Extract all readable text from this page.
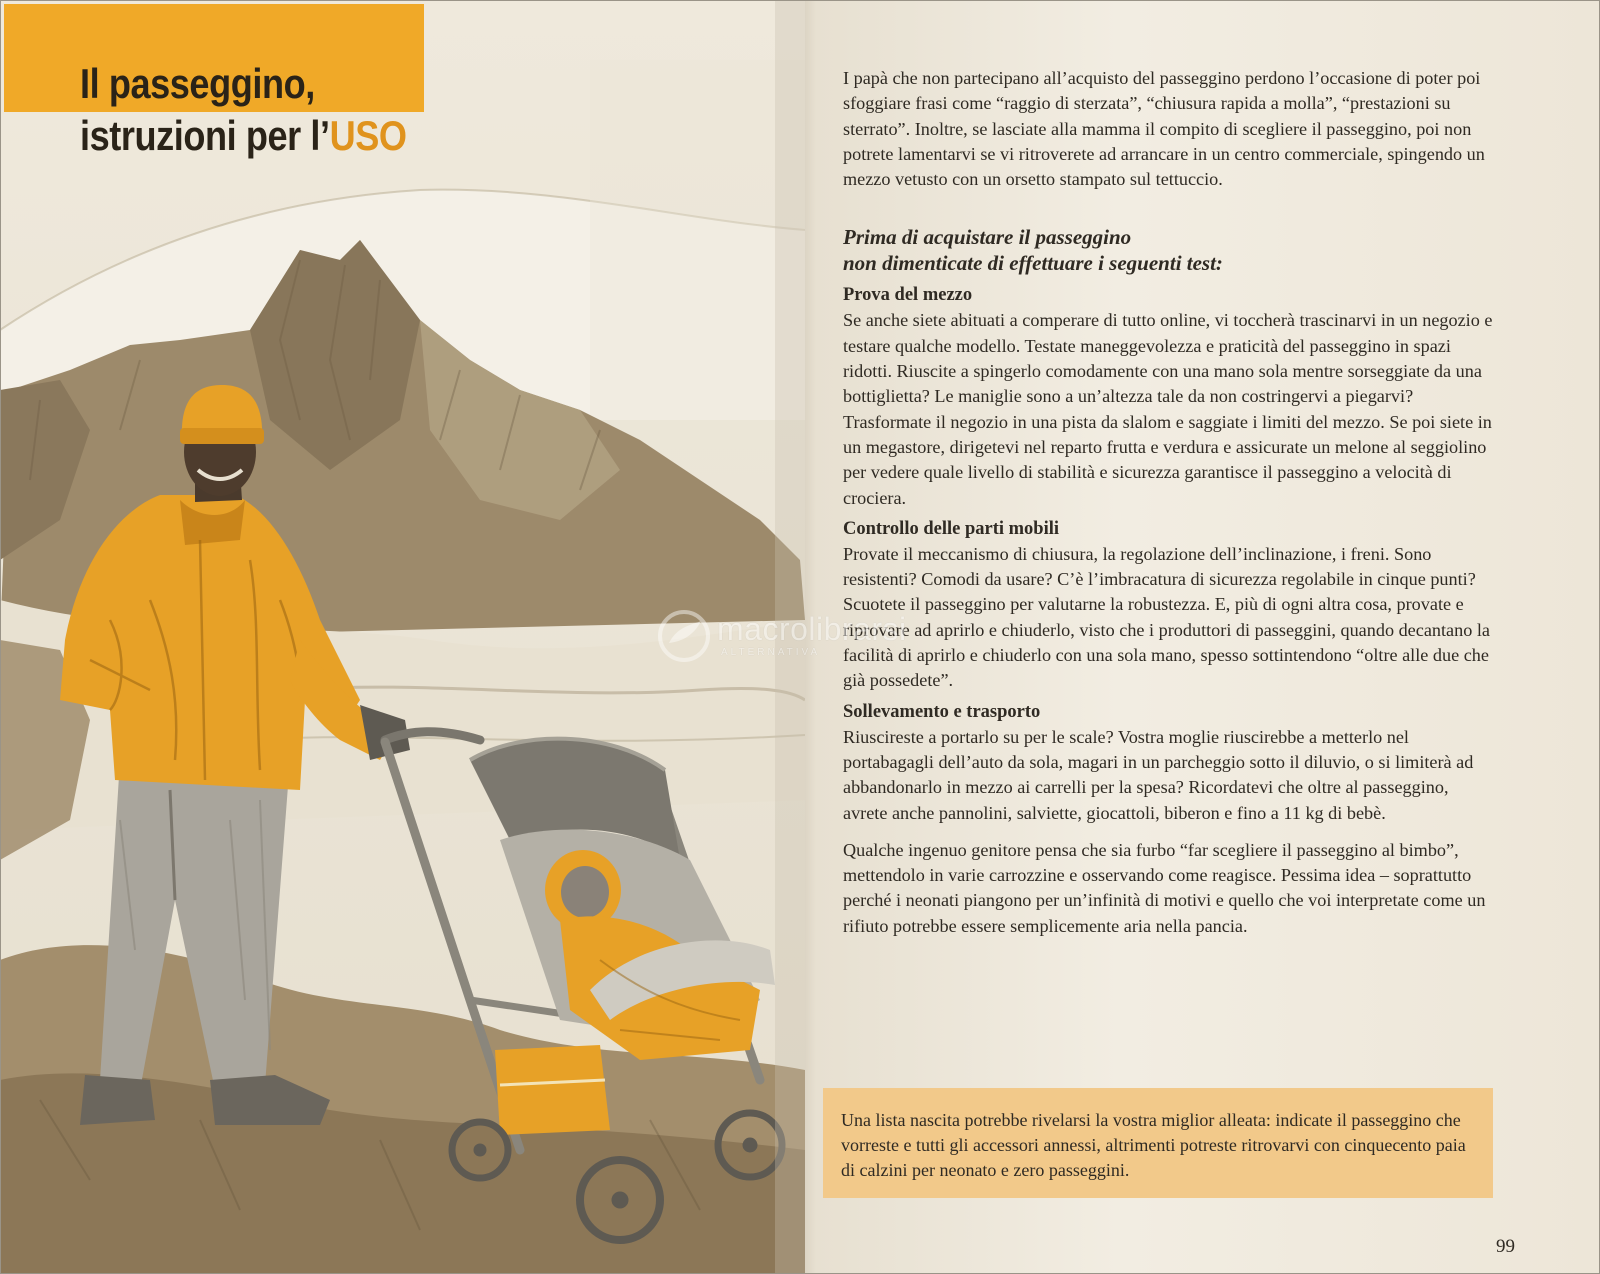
Il passeggino,
istruzioni per l’USO

I papà che non partecipano all’acquisto del passeggino perdono l’occasione di poter poi sfoggiare frasi come “raggio di sterzata”, “chiusura rapida a molla”, “prestazioni su sterrato”. Inoltre, se lasciate alla mamma il compito di scegliere il passeggino, poi non potrete lamentarvi se vi ritroverete ad arrancare in un centro commerciale, spingendo un mezzo vetusto con un orsetto stampato sul tettuccio.

Prima di acquistare il passeggino
non dimenticate di effettuare i seguenti test:

Prova del mezzo

Se anche siete abituati a comperare di tutto online, vi toccherà trascinarvi in un negozio e testare qualche modello. Testate maneggevolezza e praticità del passeggino in spazi ridotti. Riuscite a spingerlo comodamente con una mano sola mentre sorseggiate da una bottiglietta? Le maniglie sono a un’altezza tale da non costringervi a piegarvi? Trasformate il negozio in una pista da slalom e saggiate i limiti del mezzo. Se poi siete in un megastore, dirigetevi nel reparto frutta e verdura e assicurate un melone al seggiolino per vedere quale livello di stabilità e sicurezza garantisce il passeggino a velocità di crociera.

Controllo delle parti mobili

Provate il meccanismo di chiusura, la regolazione dell’inclinazione, i freni. Sono resistenti? Comodi da usare? C’è l’imbracatura di sicurezza regolabile in cinque punti? Scuotete il passeggino per valutarne la robustezza. E, più di ogni altra cosa, provate e riprovare ad aprirlo e chiuderlo, visto che i produttori di passeggini, quando decantano la facilità di aprirlo e chiuderlo con una sola mano, spesso sottintendono “oltre alle due che già possedete”.

Sollevamento e trasporto

Riuscireste a portarlo su per le scale? Vostra moglie riuscirebbe a metterlo nel portabagagli dell’auto da sola, magari in un parcheggio sotto il diluvio, o si limiterà ad abbandonarlo in mezzo ai carrelli per la spesa? Ricordatevi che oltre al passeggino, avrete anche pannolini, salviette, giocattoli, biberon e fino a 11 kg di bebè.

Qualche ingenuo genitore pensa che sia furbo “far scegliere il passeggino al bimbo”, mettendolo in varie carrozzine e osservando come reagisce. Pessima idea – soprattutto perché i neonati piangono per un’infinità di motivi e quello che voi interpretate come un rifiuto potrebbe essere semplicemente aria nella pancia.

Una lista nascita potrebbe rivelarsi la vostra miglior alleata: indicate il passeggino che vorreste e tutti gli accessori annessi, altrimenti potreste ritrovarvi con cinquecento paia di calzini per neonato e zero passeggini.

99
macrolibrarsi
ALTERNATIVA
